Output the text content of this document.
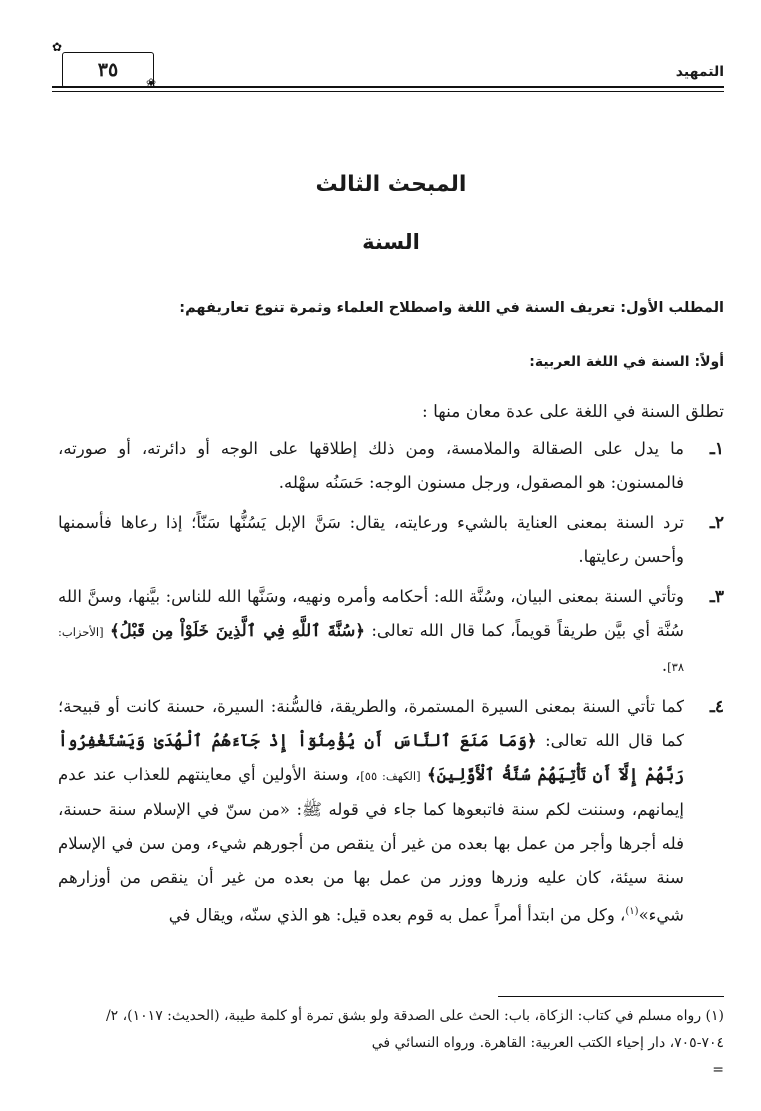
التمهيد
٣٥
✿
❀
المبحث الثالث
السنة
المطلب الأول: تعريف السنة في اللغة واصطلاح العلماء وثمرة تنوع تعاريفهم:
أولاً: السنة في اللغة العربية:
تطلق السنة في اللغة على عدة معان منها :
١ـ
ما يدل على الصقالة والملامسة، ومن ذلك إطلاقها على الوجه أو دائرته، أو صورته، فالمسنون: هو المصقول، ورجل مسنون الوجه: حَسَنُه سهْله.
٢ـ
ترد السنة بمعنى العناية بالشيء ورعايته، يقال: سَنَّ الإبل يَسُنُّها سَنّاً؛ إذا رعاها فأسمنها وأحسن رعايتها.
٣ـ
وتأتي السنة بمعنى البيان، وسُنَّة الله: أحكامه وأمره ونهيه، وسَنَّها الله للناس: بيَّنها، وسنَّ الله سُنَّة أي بيَّن طريقاً قويماً، كما قال الله تعالى: ﴿سُنَّةَ ٱللَّهِ فِي ٱلَّذِينَ خَلَوْاْ مِن قَبْلُ﴾ [الأحزاب: ٣٨].
٤ـ
كما تأتي السنة بمعنى السيرة المستمرة، والطريقة، فالسُّنة: السيرة، حسنة كانت أو قبيحة؛ كما قال الله تعالى: ﴿وَمَا مَنَعَ ٱلنَّاسَ أَن يُؤْمِنُوٓاْ إِذْ جَآءَهُمُ ٱلْهُدَىٰ وَيَسْتَغْفِرُواْ رَبَّهُمْ إِلَّآ أَن تَأْتِيَهُمْ سُنَّةُ ٱلْأَوَّلِينَ﴾ [الكهف: ٥٥]، وسنة الأولين أي معاينتهم للعذاب عند عدم إيمانهم، وسننت لكم سنة فاتبعوها كما جاء في قوله ﷺ: «من سنّ في الإسلام سنة حسنة، فله أجرها وأجر من عمل بها بعده من غير أن ينقص من أجورهم شيء، ومن سن في الإسلام سنة سيئة، كان عليه وزرها ووزر من عمل بها من بعده من غير أن ينقص من أوزارهم شيء»$^{(١)}$، وكل من ابتدأ أمراً عمل به قوم بعده قيل: هو الذي سنّه، ويقال في
(١) رواه مسلم في كتاب: الزكاة، باب: الحث على الصدقة ولو بشق تمرة أو كلمة طيبة، (الحديث: ١٠١٧)، ٢/ ٧٠٤-٧٠٥، دار إحياء الكتب العربية: القاهرة. ورواه النسائي في
=
